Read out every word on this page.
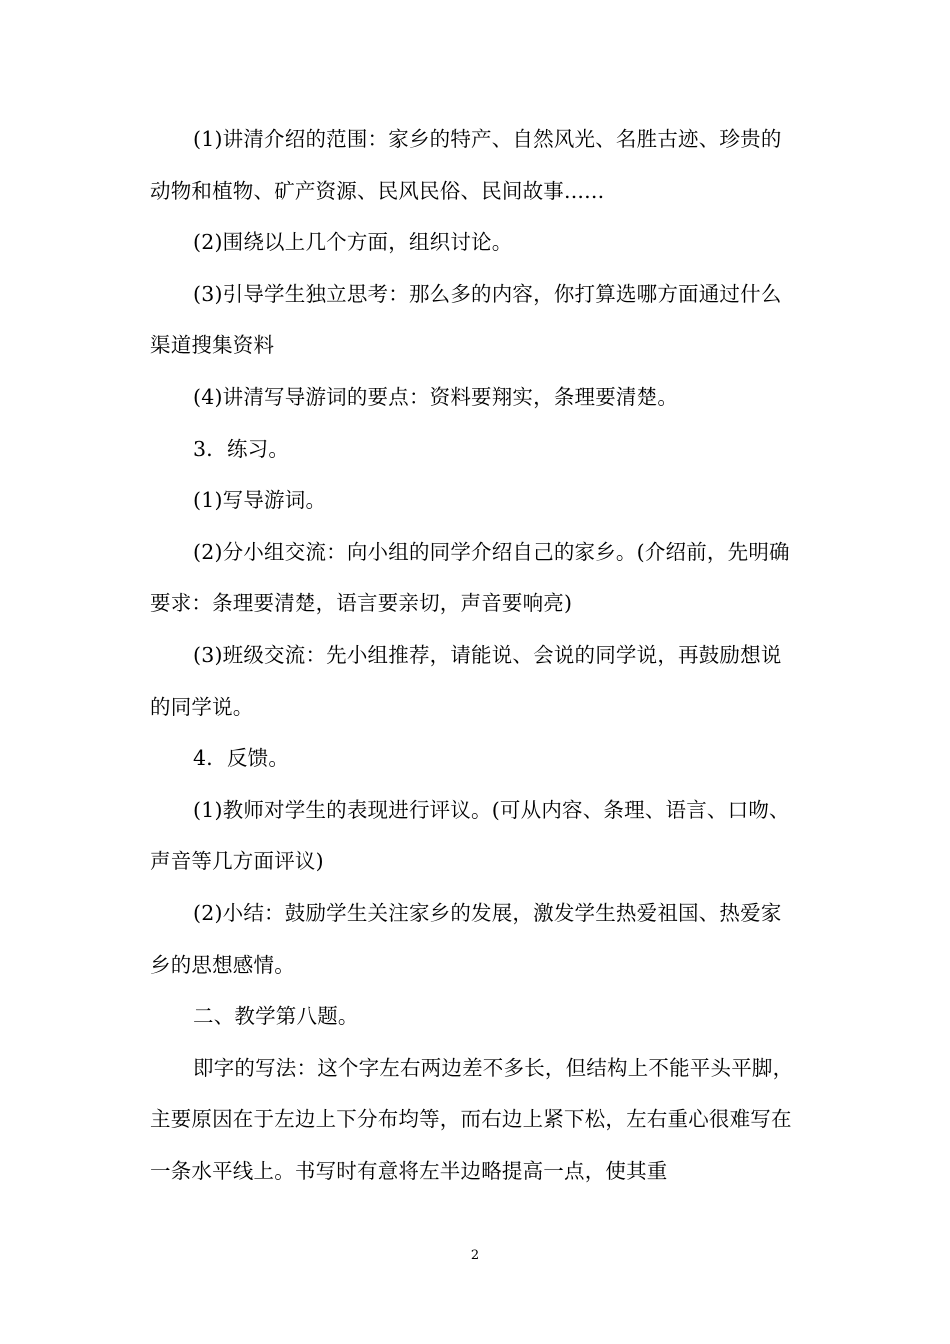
(1)讲清介绍的范围：家乡的特产、自然风光、名胜古迹、珍贵的动物和植物、矿产资源、民风民俗、民间故事......

(2)围绕以上几个方面，组织讨论。

(3)引导学生独立思考：那么多的内容，你打算选哪方面通过什么渠道搜集资料

(4)讲清写导游词的要点：资料要翔实，条理要清楚。

3．练习。

(1)写导游词。

(2)分小组交流：向小组的同学介绍自己的家乡。(介绍前，先明确要求：条理要清楚，语言要亲切，声音要响亮)

(3)班级交流：先小组推荐，请能说、会说的同学说，再鼓励想说的同学说。

4．反馈。

(1)教师对学生的表现进行评议。(可从内容、条理、语言、口吻、声音等几方面评议)

(2)小结：鼓励学生关注家乡的发展，激发学生热爱祖国、热爱家乡的思想感情。

二、教学第八题。

即字的写法：这个字左右两边差不多长，但结构上不能平头平脚，主要原因在于左边上下分布均等，而右边上紧下松，左右重心很难写在一条水平线上。书写时有意将左半边略提高一点，使其重

2
